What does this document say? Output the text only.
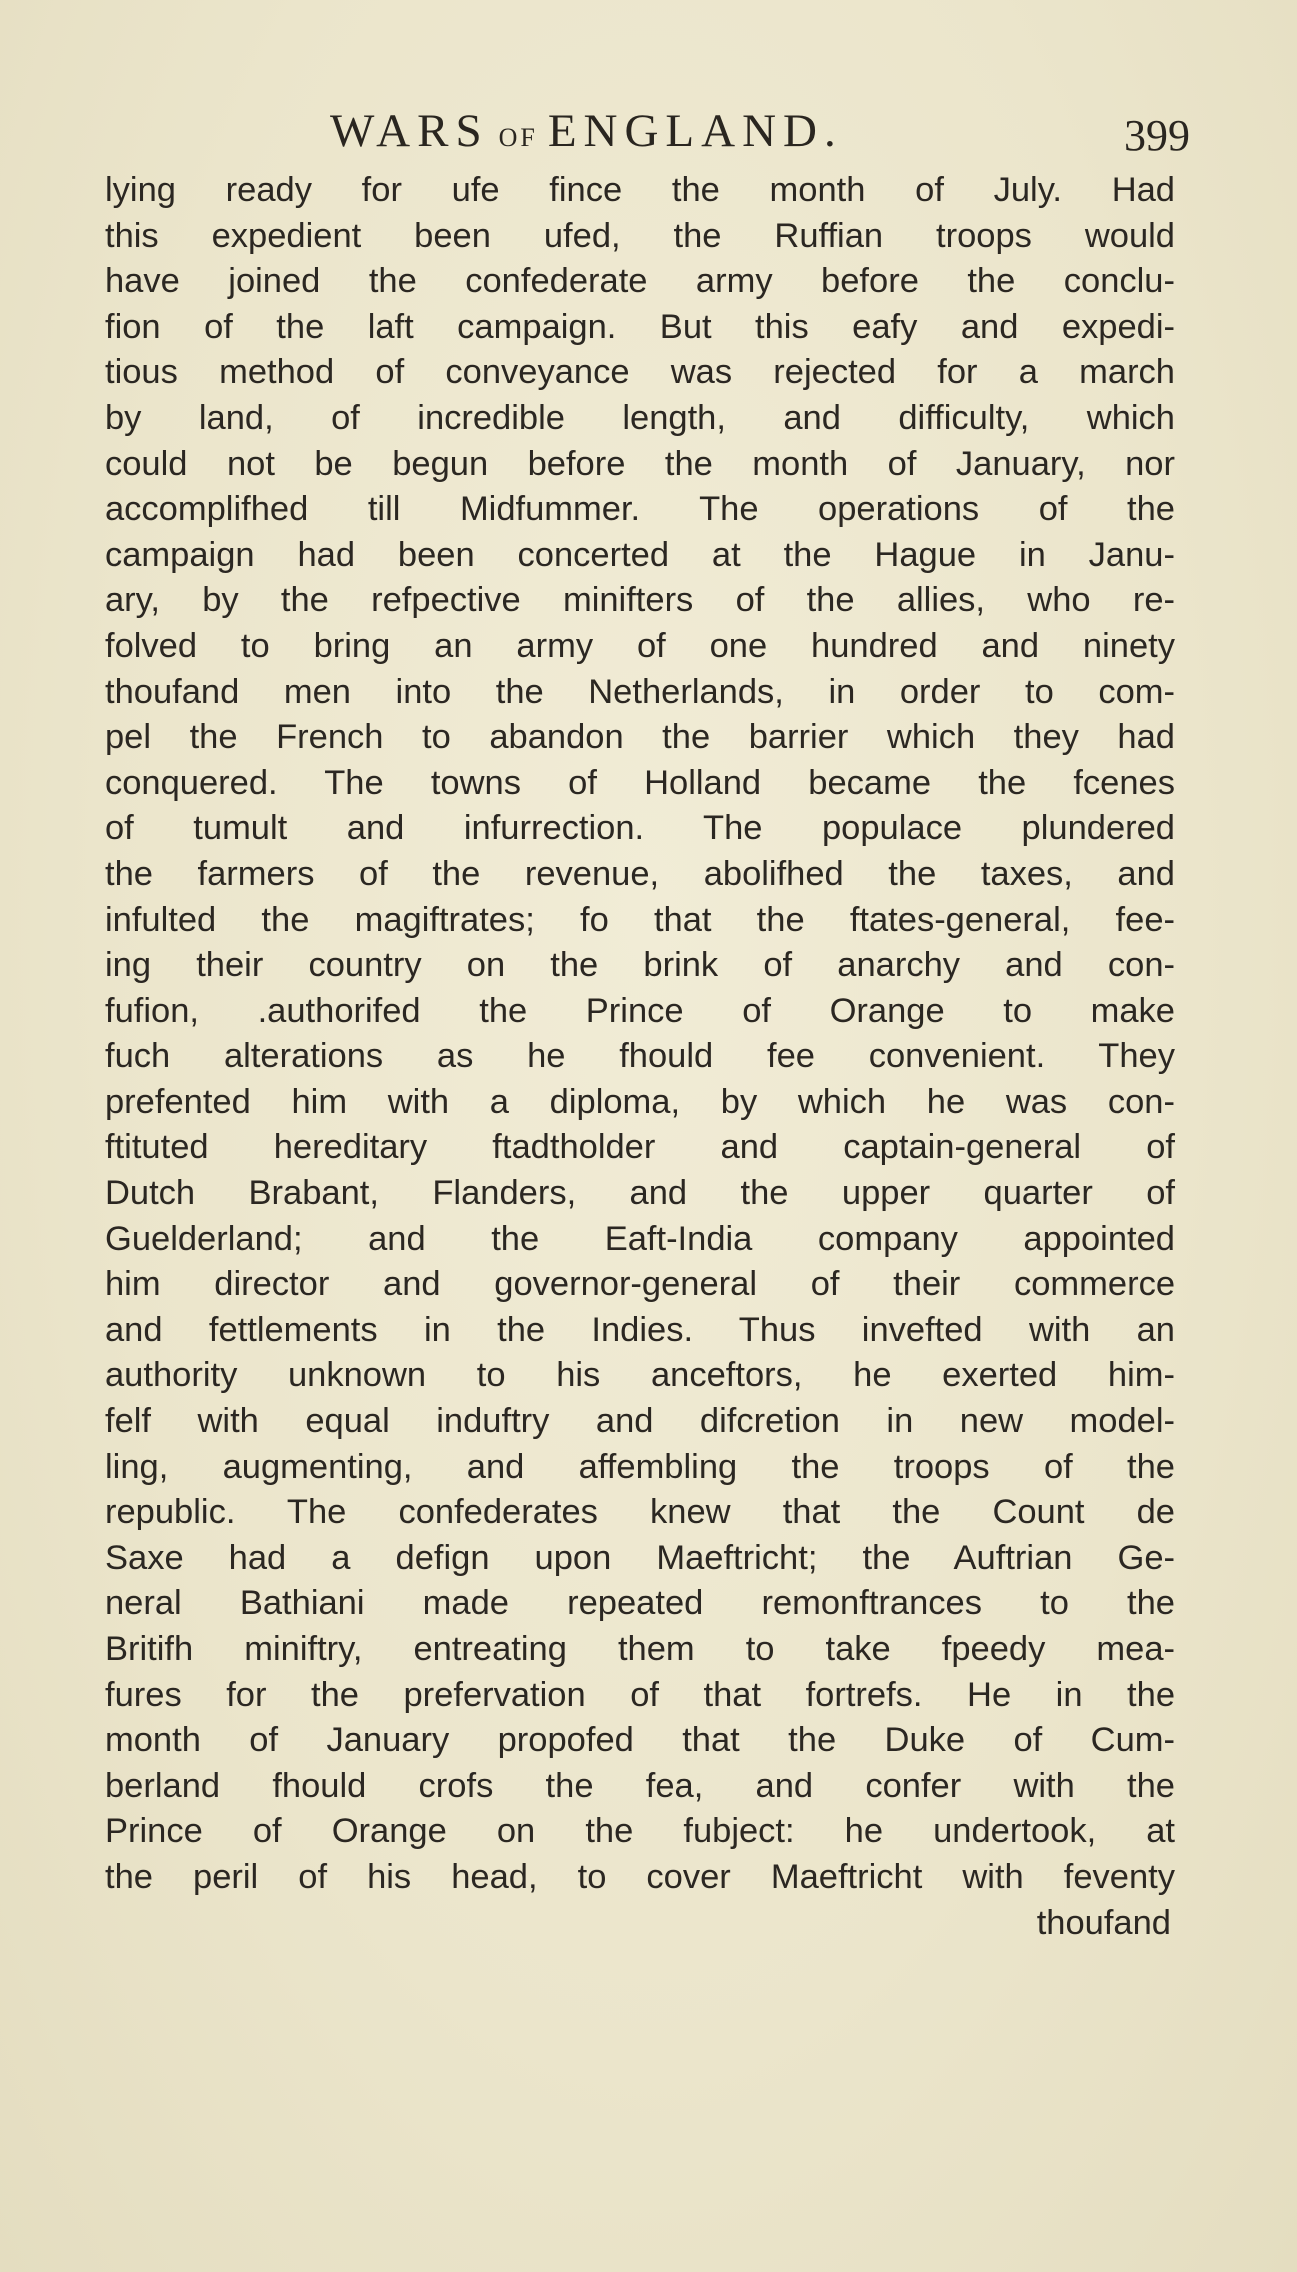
WARS OF ENGLAND.	399
lying ready for ufe fince the month of July. Had
this expedient been ufed, the Ruffian troops would
have joined the confederate army before the conclu-
fion of the laft campaign. But this eafy and expedi-
tious method of conveyance was rejected for a march
by land, of incredible length, and difficulty, which
could not be begun before the month of January, nor
accomplifhed till Midfummer. The operations of the
campaign had been concerted at the Hague in Janu-
ary, by the refpective minifters of the allies, who re-
folved to bring an army of one hundred and ninety
thoufand men into the Netherlands, in order to com-
pel the French to abandon the barrier which they had
conquered. The towns of Holland became the fcenes
of tumult and infurrection. The populace plundered
the farmers of the revenue, abolifhed the taxes, and
infulted the magiftrates; fo that the ftates-general, fee-
ing their country on the brink of anarchy and con-
fufion, .authorifed the Prince of Orange to make
fuch alterations as he fhould fee convenient. They
prefented him with a diploma, by which he was con-
ftituted hereditary ftadtholder and captain-general of
Dutch Brabant, Flanders, and the upper quarter of
Guelderland; and the Eaft-India company appointed
him director and governor-general of their commerce
and fettlements in the Indies. Thus invefted with an
authority unknown to his anceftors, he exerted him-
felf with equal induftry and difcretion in new model-
ling, augmenting, and affembling the troops of the
republic. The confederates knew that the Count de
Saxe had a defign upon Maeftricht; the Auftrian Ge-
neral Bathiani made repeated remonftrances to the
Britifh miniftry, entreating them to take fpeedy mea-
fures for the prefervation of that fortrefs. He in the
month of January propofed that the Duke of Cum-
berland fhould crofs the fea, and confer with the
Prince of Orange on the fubject: he undertook, at
the peril of his head, to cover Maeftricht with feventy
thoufand
